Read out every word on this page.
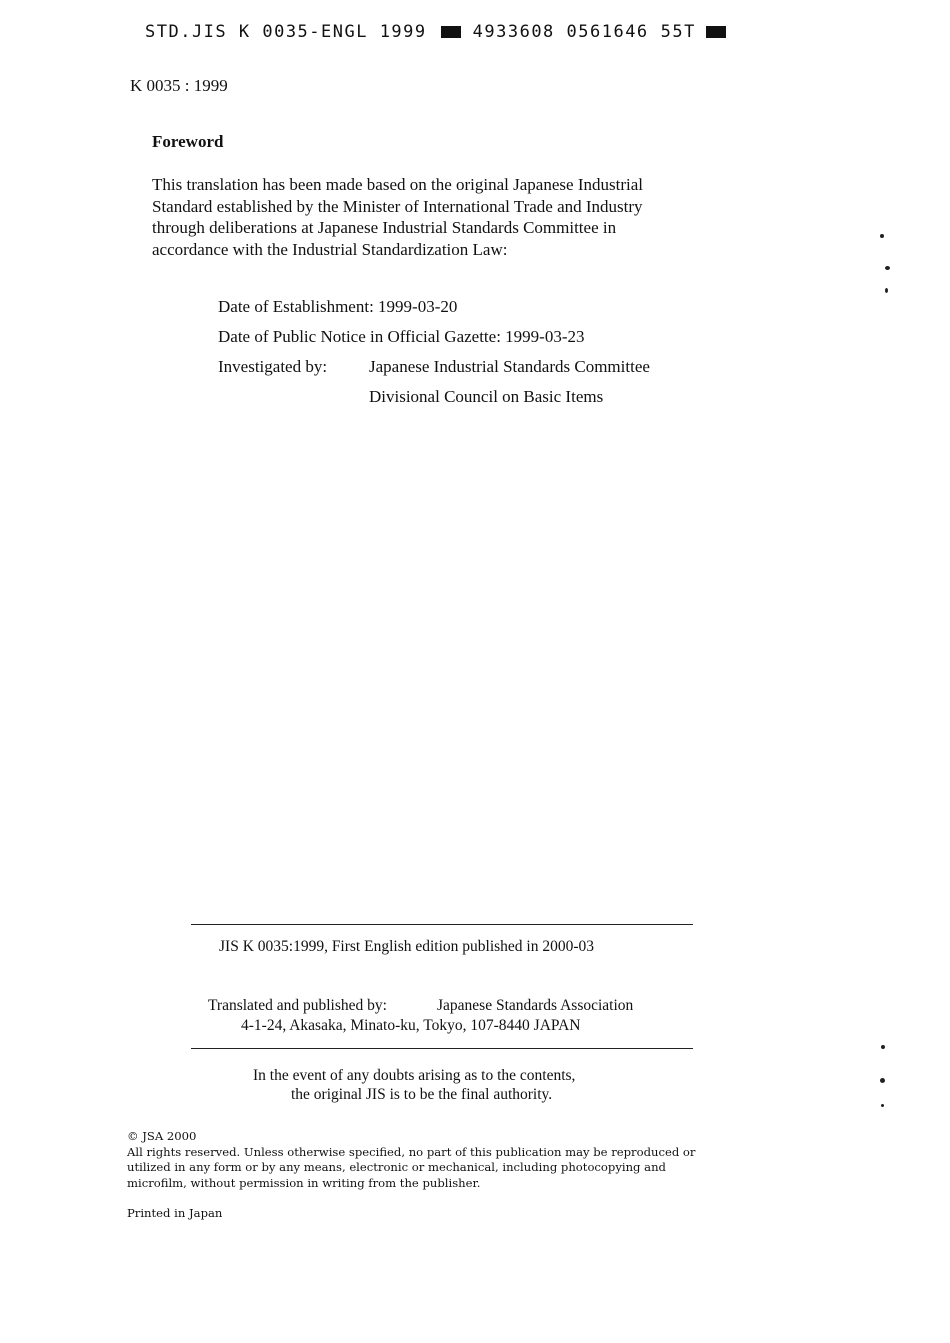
STD.JIS K 0035-ENGL 1999	4933608 0561646 55T
K 0035 : 1999
Foreword

This translation has been made based on the original Japanese Industrial
Standard established by the Minister of International Trade and Industry
through deliberations at Japanese Industrial Standards Committee in
accordance with the Industrial Standardization Law:

Date of Establishment: 1999-03-20
Date of Public Notice in Official Gazette: 1999-03-23
Investigated by: Japanese Industrial Standards Committee
Divisional Council on Basic Items
JIS K 0035:1999, First English edition published in 2000-03
Translated and published by:	Japanese Standards Association
4-1-24, Akasaka, Minato-ku, Tokyo, 107-8440 JAPAN
In the event of any doubts arising as to the contents,
the original JIS is to be the final authority.
© JSA 2000
All rights reserved. Unless otherwise specified, no part of this publication may be reproduced or
utilized in any form or by any means, electronic or mechanical, including photocopying and
microfilm, without permission in writing from the publisher.
Printed in Japan
